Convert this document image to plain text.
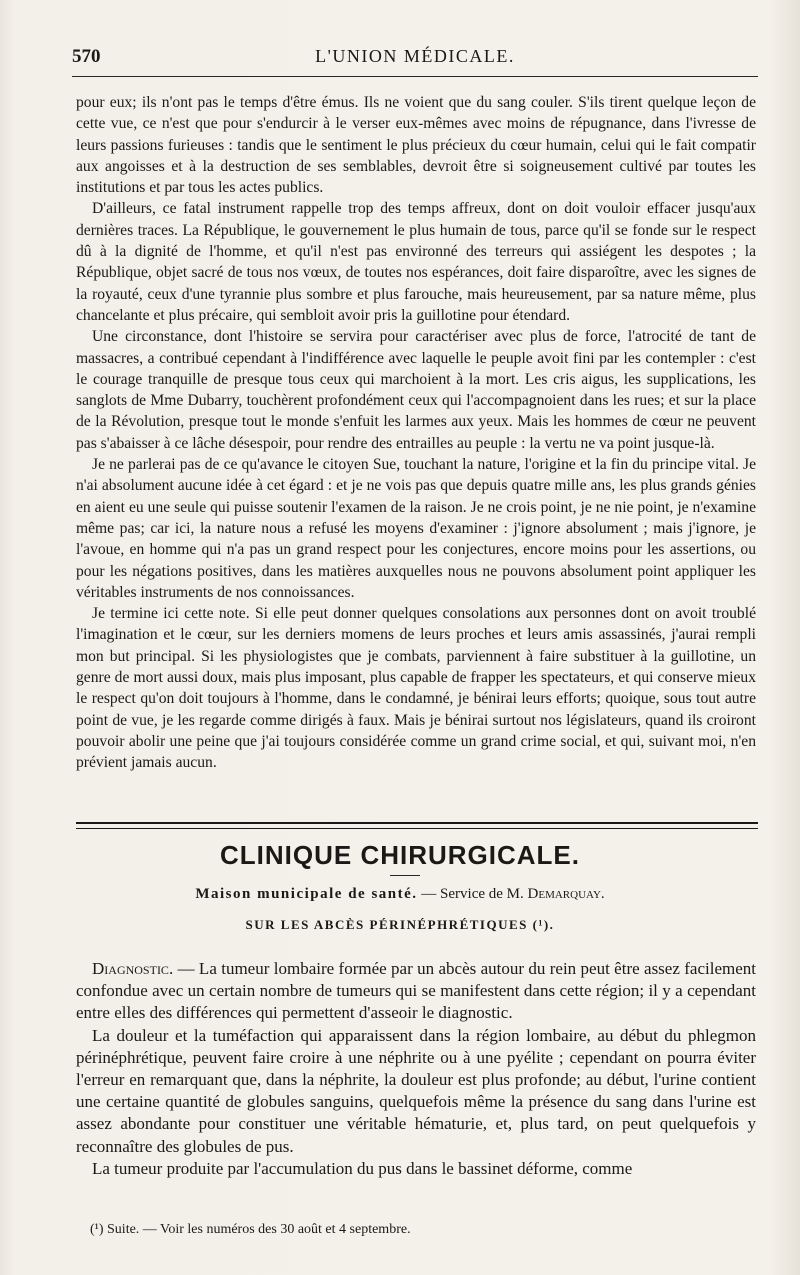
570	L'UNION MÉDICALE.

pour eux; ils n'ont pas le temps d'être émus. Ils ne voient que du sang couler. S'ils tirent quelque leçon de cette vue, ce n'est que pour s'endurcir à le verser eux-mêmes avec moins de répugnance, dans l'ivresse de leurs passions furieuses : tandis que le sentiment le plus précieux du cœur humain, celui qui le fait compatir aux angoisses et à la destruction de ses semblables, devroit être si soigneusement cultivé par toutes les institutions et par tous les actes publics.

D'ailleurs, ce fatal instrument rappelle trop des temps affreux, dont on doit vouloir effacer jusqu'aux dernières traces. La République, le gouvernement le plus humain de tous, parce qu'il se fonde sur le respect dû à la dignité de l'homme, et qu'il n'est pas environné des terreurs qui assiégent les despotes ; la République, objet sacré de tous nos vœux, de toutes nos espérances, doit faire disparoître, avec les signes de la royauté, ceux d'une tyrannie plus sombre et plus farouche, mais heureusement, par sa nature même, plus chancelante et plus précaire, qui sembloit avoir pris la guillotine pour étendard.

Une circonstance, dont l'histoire se servira pour caractériser avec plus de force, l'atrocité de tant de massacres, a contribué cependant à l'indifférence avec laquelle le peuple avoit fini par les contempler : c'est le courage tranquille de presque tous ceux qui marchoient à la mort. Les cris aigus, les supplications, les sanglots de Mme Dubarry, touchèrent profondément ceux qui l'accompagnoient dans les rues; et sur la place de la Révolution, presque tout le monde s'enfuit les larmes aux yeux. Mais les hommes de cœur ne peuvent pas s'abaisser à ce lâche désespoir, pour rendre des entrailles au peuple : la vertu ne va point jusque-là.

Je ne parlerai pas de ce qu'avance le citoyen Sue, touchant la nature, l'origine et la fin du principe vital. Je n'ai absolument aucune idée à cet égard : et je ne vois pas que depuis quatre mille ans, les plus grands génies en aient eu une seule qui puisse soutenir l'examen de la raison. Je ne crois point, je ne nie point, je n'examine même pas; car ici, la nature nous a refusé les moyens d'examiner : j'ignore absolument ; mais j'ignore, je l'avoue, en homme qui n'a pas un grand respect pour les conjectures, encore moins pour les assertions, ou pour les négations positives, dans les matières auxquelles nous ne pouvons absolument point appliquer les véritables instruments de nos connoissances.

Je termine ici cette note. Si elle peut donner quelques consolations aux personnes dont on avoit troublé l'imagination et le cœur, sur les derniers momens de leurs proches et leurs amis assassinés, j'aurai rempli mon but principal. Si les physiologistes que je combats, parviennent à faire substituer à la guillotine, un genre de mort aussi doux, mais plus imposant, plus capable de frapper les spectateurs, et qui conserve mieux le respect qu'on doit toujours à l'homme, dans le condamné, je bénirai leurs efforts; quoique, sous tout autre point de vue, je les regarde comme dirigés à faux. Mais je bénirai surtout nos législateurs, quand ils croiront pouvoir abolir une peine que j'ai toujours considérée comme un grand crime social, et qui, suivant moi, n'en prévient jamais aucun.

CLINIQUE CHIRURGICALE.
Maison municipale de santé. — Service de M. Demarquay.
SUR LES ABCÈS PÉRINÉPHRÉTIQUES (¹).

Diagnostic. — La tumeur lombaire formée par un abcès autour du rein peut être assez facilement confondue avec un certain nombre de tumeurs qui se manifestent dans cette région; il y a cependant entre elles des différences qui permettent d'asseoir le diagnostic.

La douleur et la tuméfaction qui apparaissent dans la région lombaire, au début du phlegmon périnéphrétique, peuvent faire croire à une néphrite ou à une pyélite ; cependant on pourra éviter l'erreur en remarquant que, dans la néphrite, la douleur est plus profonde; au début, l'urine contient une certaine quantité de globules sanguins, quelquefois même la présence du sang dans l'urine est assez abondante pour constituer une véritable hématurie, et, plus tard, on peut quelquefois y reconnaître des globules de pus.

La tumeur produite par l'accumulation du pus dans le bassinet déforme, comme

(¹) Suite. — Voir les numéros des 30 août et 4 septembre.
